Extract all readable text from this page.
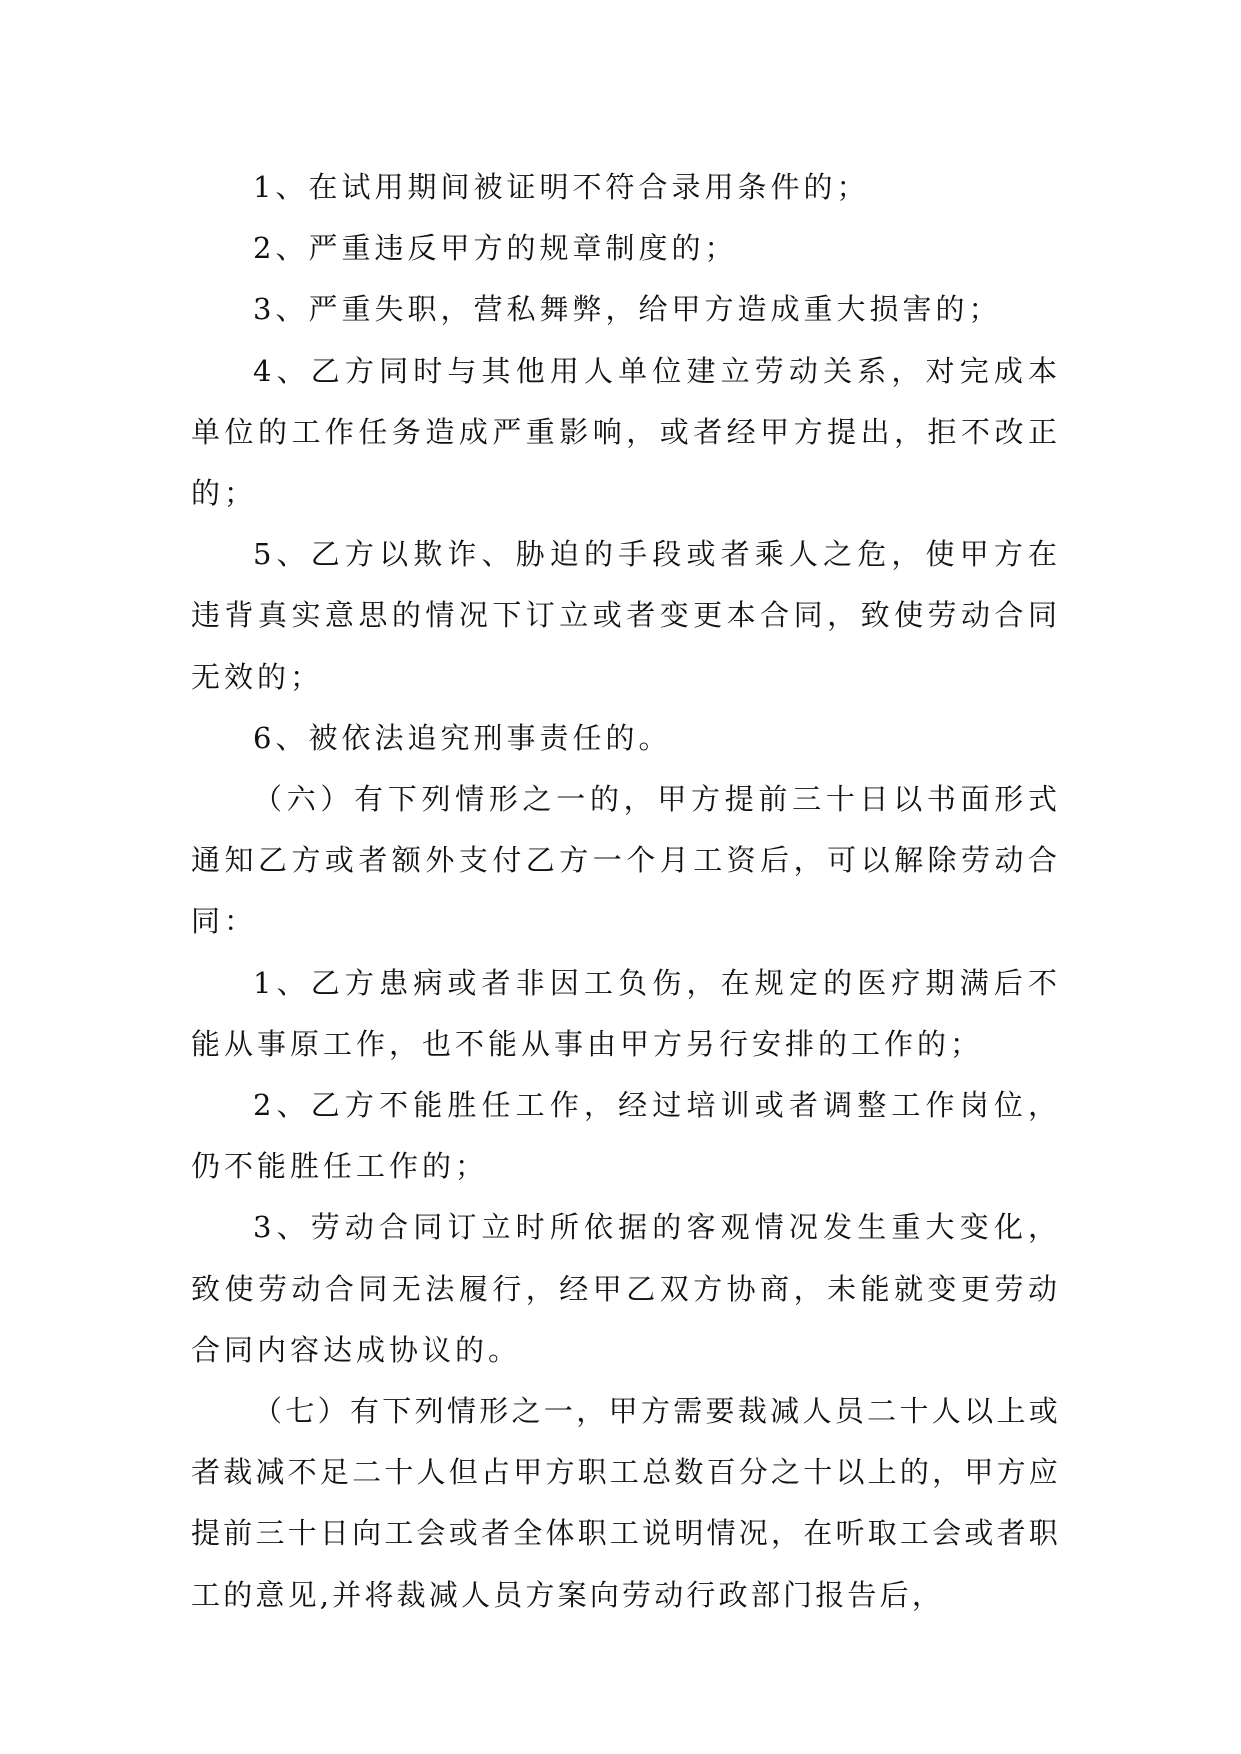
1、在试用期间被证明不符合录用条件的；

2、严重违反甲方的规章制度的；

3、严重失职，营私舞弊，给甲方造成重大损害的；

4、乙方同时与其他用人单位建立劳动关系，对完成本单位的工作任务造成严重影响，或者经甲方提出，拒不改正的；

5、乙方以欺诈、胁迫的手段或者乘人之危，使甲方在违背真实意思的情况下订立或者变更本合同，致使劳动合同无效的；

6、被依法追究刑事责任的。

（六）有下列情形之一的，甲方提前三十日以书面形式通知乙方或者额外支付乙方一个月工资后，可以解除劳动合同：

1、乙方患病或者非因工负伤，在规定的医疗期满后不能从事原工作，也不能从事由甲方另行安排的工作的；

2、乙方不能胜任工作，经过培训或者调整工作岗位，仍不能胜任工作的；

3、劳动合同订立时所依据的客观情况发生重大变化，致使劳动合同无法履行，经甲乙双方协商，未能就变更劳动合同内容达成协议的。

（七）有下列情形之一，甲方需要裁减人员二十人以上或者裁减不足二十人但占甲方职工总数百分之十以上的，甲方应提前三十日向工会或者全体职工说明情况，在听取工会或者职工的意见,并将裁减人员方案向劳动行政部门报告后，
